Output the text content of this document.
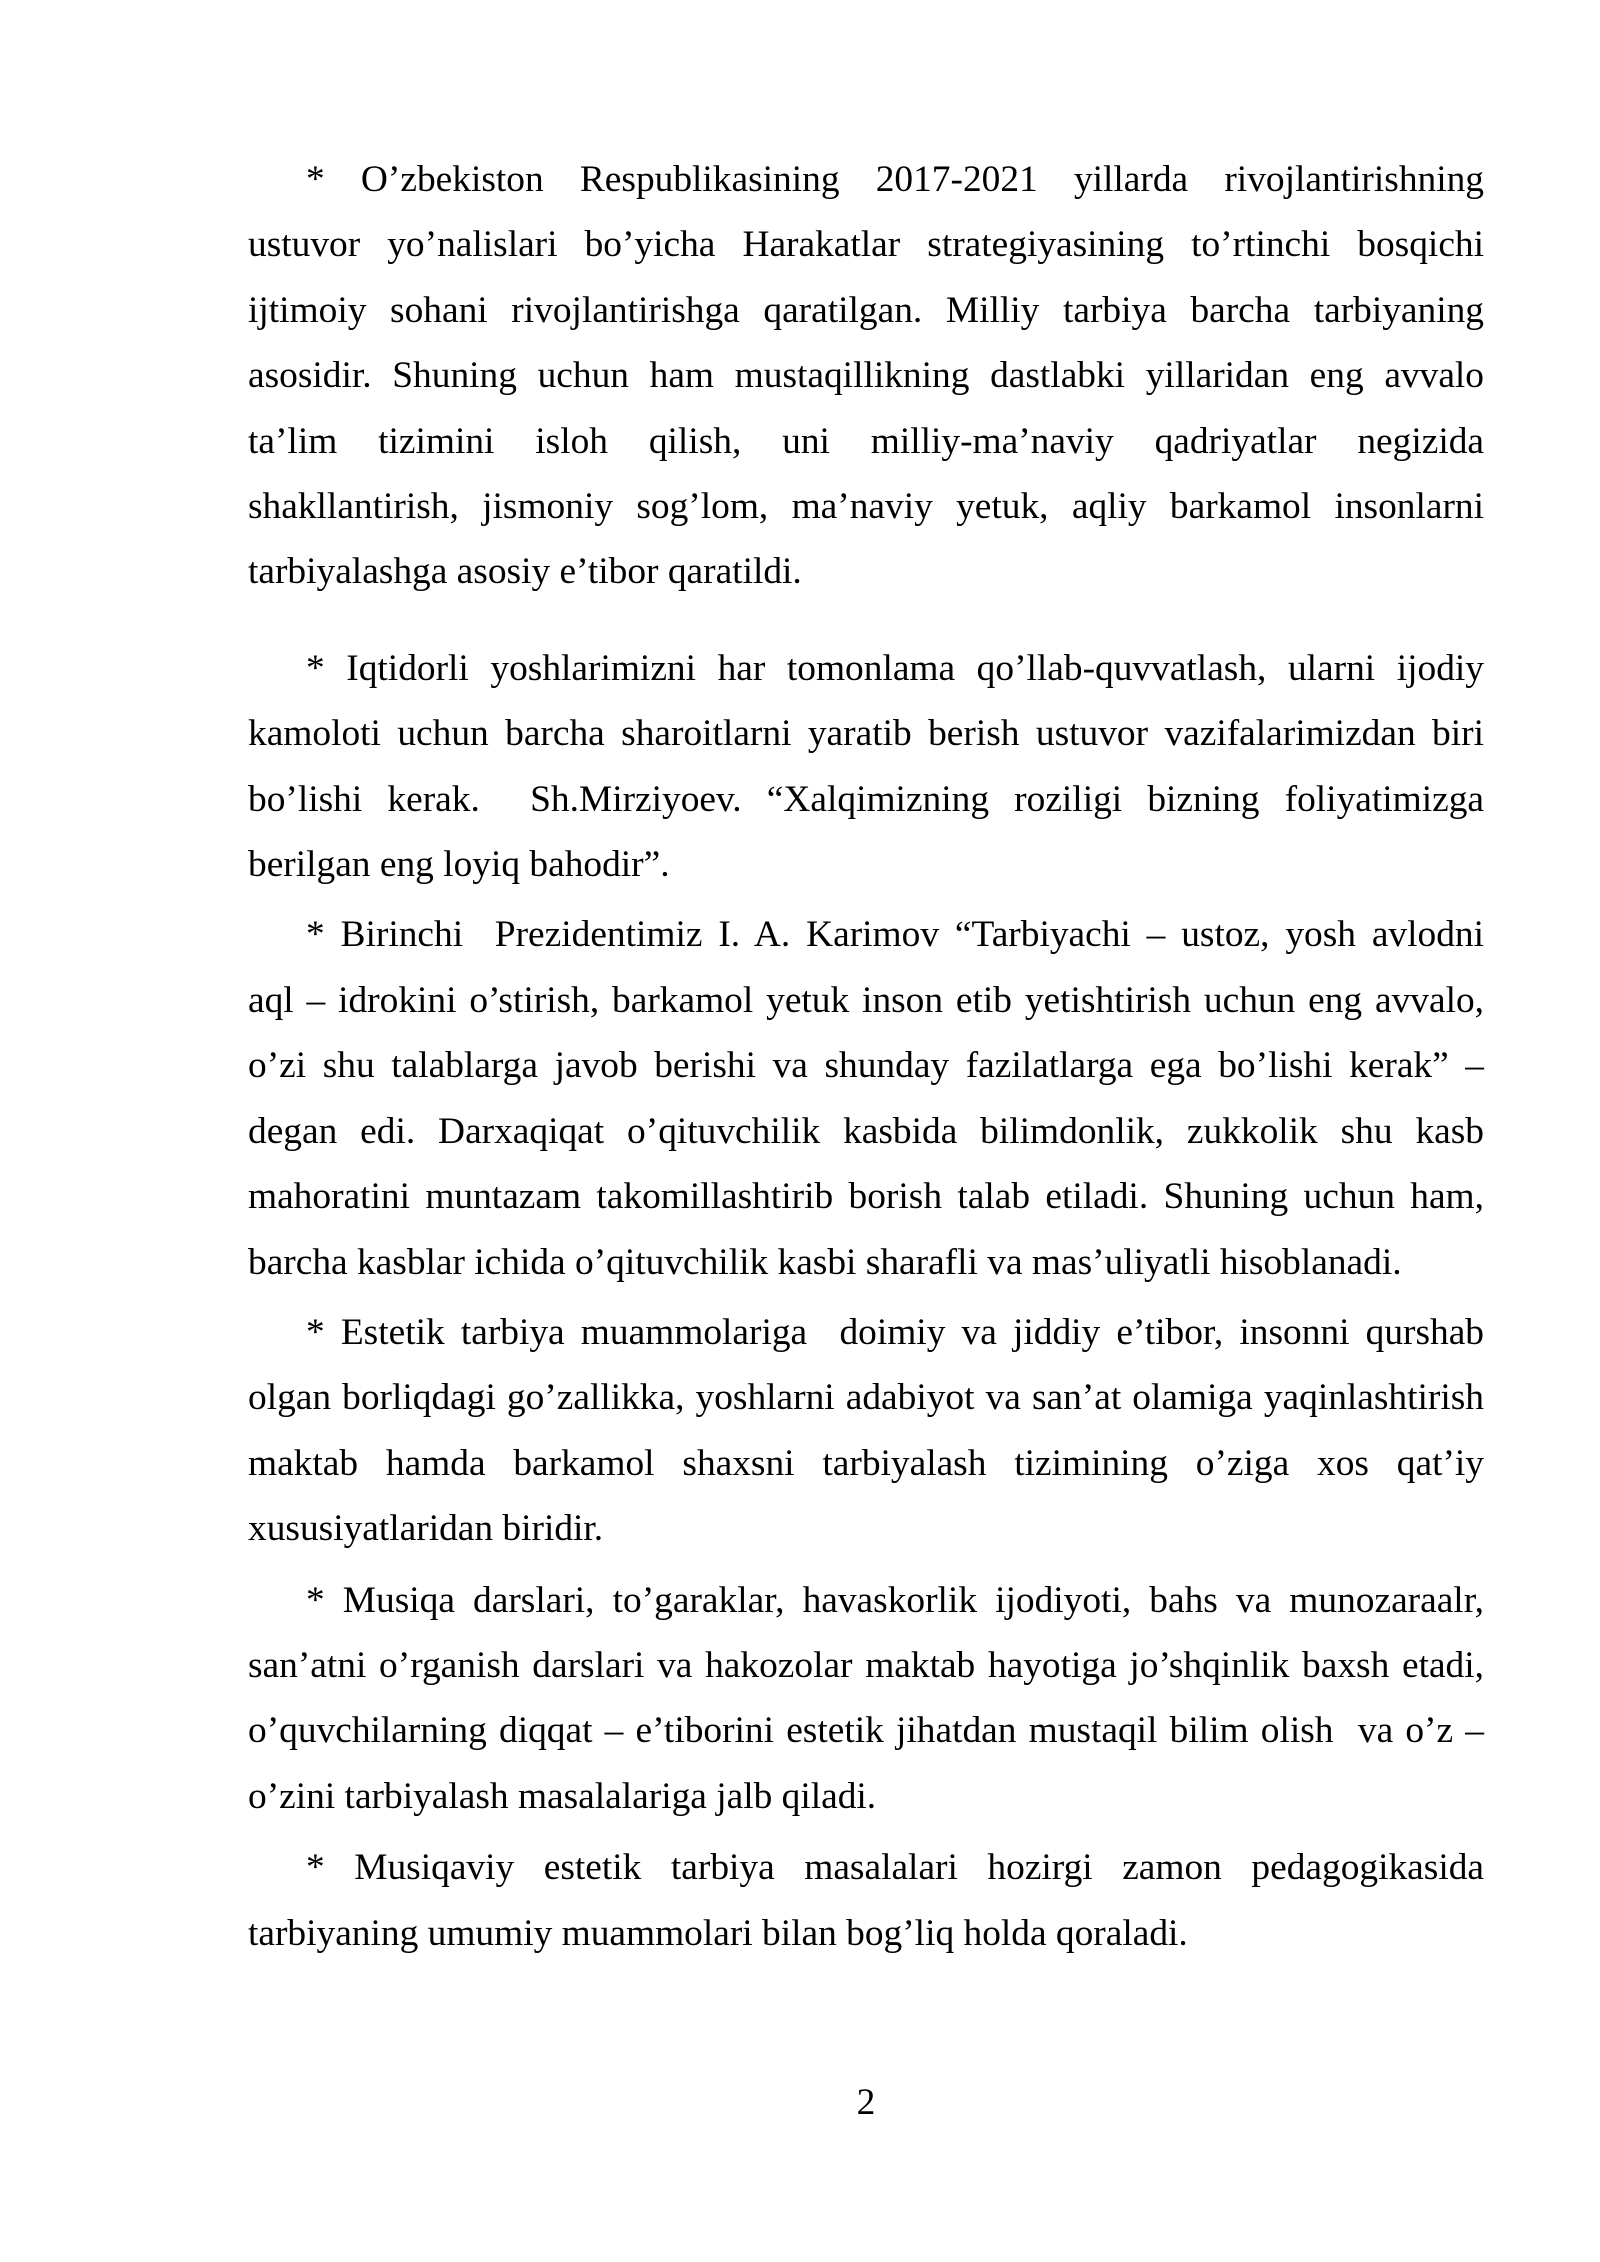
* O’zbekiston Respublikasining 2017-2021 yillarda rivojlantirishning
ustuvor yo’nalislari bo’yicha Harakatlar strategiyasining to’rtinchi bosqichi
ijtimoiy sohani rivojlantirishga qaratilgan. Milliy tarbiya barcha tarbiyaning
asosidir. Shuning uchun ham mustaqillikning dastlabki yillaridan eng avvalo
ta’lim tizimini isloh qilish, uni milliy-ma’naviy qadriyatlar negizida
shakllantirish, jismoniy sog’lom, ma’naviy yetuk, aqliy barkamol insonlarni
tarbiyalashga asosiy e’tibor qaratildi.
* Iqtidorli yoshlarimizni har tomonlama qo’llab-quvvatlash, ularni ijodiy
kamoloti uchun barcha sharoitlarni yaratib berish ustuvor vazifalarimizdan biri
bo’lishi kerak.  Sh.Mirziyoev. “Xalqimizning roziligi bizning foliyatimizga
berilgan eng loyiq bahodir”.
* Birinchi  Prezidentimiz I. A. Karimov “Tarbiyachi – ustoz, yosh avlodni
aql – idrokini o’stirish, barkamol yetuk inson etib yetishtirish uchun eng avvalo,
o’zi shu talablarga javob berishi va shunday fazilatlarga ega bo’lishi kerak” –
degan edi. Darxaqiqat o’qituvchilik kasbida bilimdonlik, zukkolik shu kasb
mahoratini muntazam takomillashtirib borish talab etiladi. Shuning uchun ham,
barcha kasblar ichida o’qituvchilik kasbi sharafli va mas’uliyatli hisoblanadi.
* Estetik tarbiya muammolariga  doimiy va jiddiy e’tibor, insonni qurshab
olgan borliqdagi go’zallikka, yoshlarni adabiyot va san’at olamiga yaqinlashtirish
maktab hamda barkamol shaxsni tarbiyalash tizimining o’ziga xos qat’iy
xususiyatlaridan biridir.
* Musiqa darslari, to’garaklar, havaskorlik ijodiyoti, bahs va munozaraalr,
san’atni o’rganish darslari va hakozolar maktab hayotiga jo’shqinlik baxsh etadi,
o’quvchilarning diqqat – e’tiborini estetik jihatdan mustaqil bilim olish  va o’z –
o’zini tarbiyalash masalalariga jalb qiladi.
* Musiqaviy estetik tarbiya masalalari hozirgi zamon pedagogikasida
tarbiyaning umumiy muammolari bilan bog’liq holda qoraladi.
2
